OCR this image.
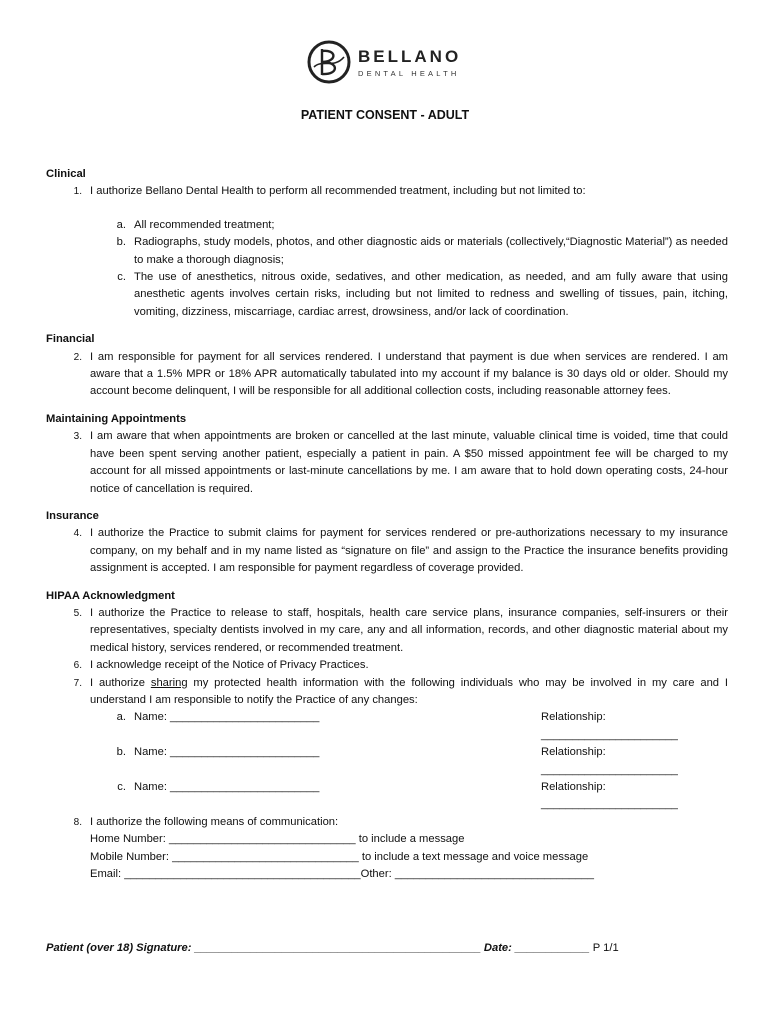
BELLANO
DENTAL HEALTH
PATIENT CONSENT - ADULT
Clinical
1. I authorize Bellano Dental Health to perform all recommended treatment, including but not limited to:
a. All recommended treatment;
b. Radiographs, study models, photos, and other diagnostic aids or materials (collectively,“Diagnostic Material”) as needed to make a thorough diagnosis;
c. The use of anesthetics, nitrous oxide, sedatives, and other medication, as needed, and am fully aware that using anesthetic agents involves certain risks, including but not limited to redness and swelling of tissues, pain, itching, vomiting, dizziness, miscarriage, cardiac arrest, drowsiness, and/or lack of coordination.
Financial
2. I am responsible for payment for all services rendered. I understand that payment is due when services are rendered. I am aware that a 1.5% MPR or 18% APR automatically tabulated into my account if my balance is 30 days old or older. Should my account become delinquent, I will be responsible for all additional collection costs, including reasonable attorney fees.
Maintaining Appointments
3. I am aware that when appointments are broken or cancelled at the last minute, valuable clinical time is voided, time that could have been spent serving another patient, especially a patient in pain. A $50 missed appointment fee will be charged to my account for all missed appointments or last-minute cancellations by me. I am aware that to hold down operating costs, 24-hour notice of cancellation is required.
Insurance
4. I authorize the Practice to submit claims for payment for services rendered or pre-authorizations necessary to my insurance company, on my behalf and in my name listed as “signature on file” and assign to the Practice the insurance benefits providing assignment is accepted. I am responsible for payment regardless of coverage provided.
HIPAA Acknowledgment
5. I authorize the Practice to release to staff, hospitals, health care service plans, insurance companies, self-insurers or their representatives, specialty dentists involved in my care, any and all information, records, and other diagnostic material about my medical history, services rendered, or recommended treatment.
6. I acknowledge receipt of the Notice of Privacy Practices.
7. I authorize sharing my protected health information with the following individuals who may be involved in my care and I understand I am responsible to notify the Practice of any changes:
a. Name: ________________________	Relationship: ______________________
b. Name: ________________________	Relationship: ______________________
c. Name: ________________________	Relationship: ______________________
8. I authorize the following means of communication:
Home Number: ______________________________ to include a message
Mobile Number: ______________________________ to include a text message and voice message
Email: ______________________________________Other: ________________________________
Patient (over 18) Signature: ______________________________________________ Date: ____________ P 1/1
